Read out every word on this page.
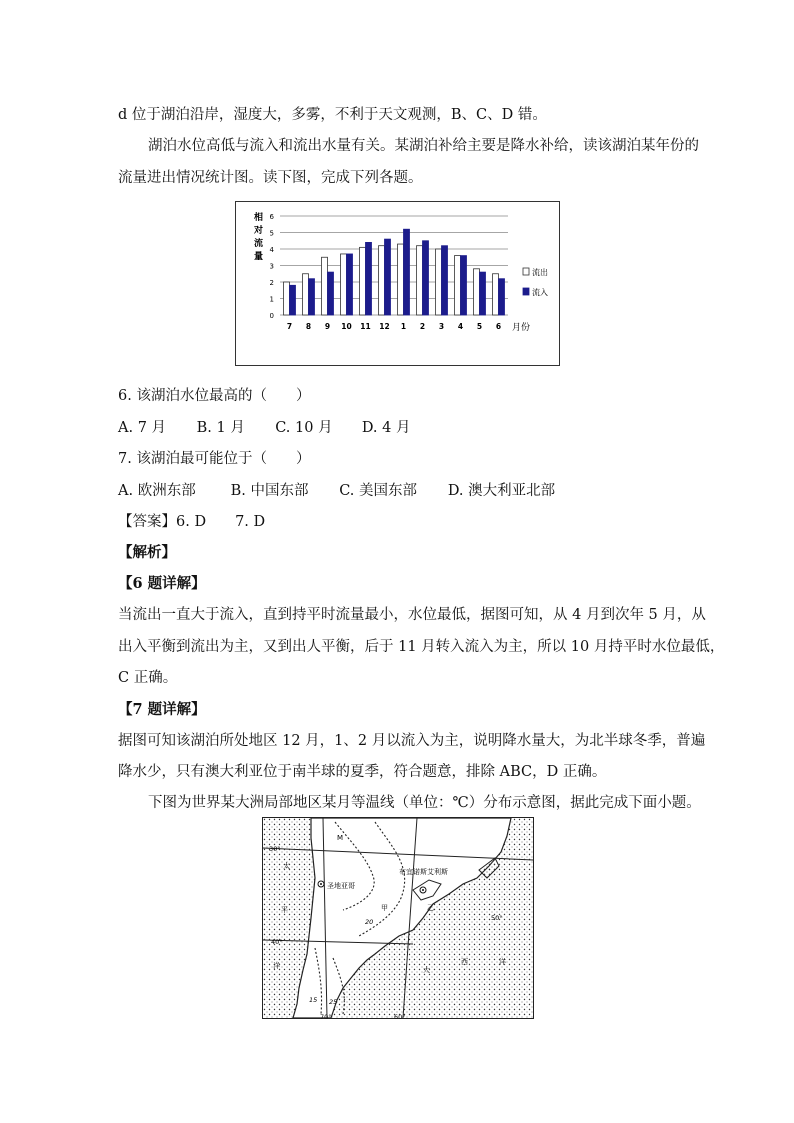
d 位于湖泊沿岸，湿度大，多雾，不利于天文观测，B、C、D 错。
湖泊水位高低与流入和流出水量有关。某湖泊补给主要是降水补给，读该湖泊某年份的
流量进出情况统计图。读下图，完成下列各题。
相
对
流
量
7 8 9 10 11 12 1 2 3 4 5 6
0
1
2
3
4
5
6
流出
流入
月份
6. 该湖泊水位最高的（　　）
A. 7 月 B. 1 月 C. 10 月 D. 4 月
7. 该湖泊最可能位于（　　）
A. 欧洲东部 B. 中国东部 C. 美国东部 D. 澳大利亚北部
【答案】6. D　　7. D
【解析】
【6 题详解】
当流出一直大于流入，直到持平时流量最小，水位最低，据图可知，从 4 月到次年 5 月，从
出入平衡到流出为主，又到出人平衡，后于 11 月转入流入为主，所以 10 月持平时水位最低，
C 正确。
【7 题详解】
据图可知该湖泊所处地区 12 月，1、2 月以流入为主，说明降水量大，为北半球冬季，普遍
降水少，只有澳大利亚位于南半球的夏季，符合题意，排除 ABC，D 正确。
下图为世界某大洲局部地区某月等温线（单位：℃）分布示意图，据此完成下面小题。
M
圣地亚哥
布宜诺斯艾利斯
甲	乙
20
25
15
30°
40°
50°
大
西	洋
太
平
洋
70°	60°
